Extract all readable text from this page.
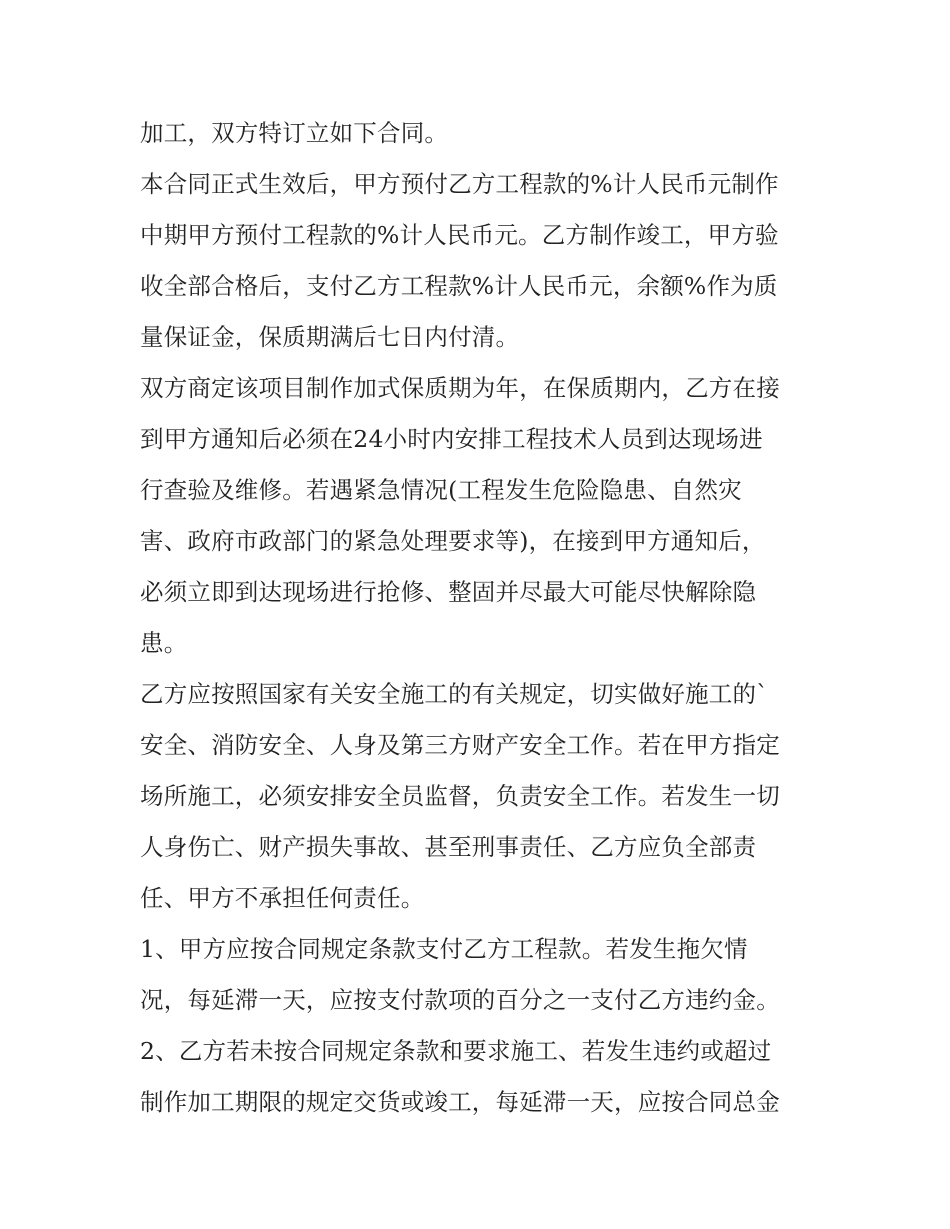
加工，双方特订立如下合同。
本合同正式生效后，甲方预付乙方工程款的%计人民币元制作
中期甲方预付工程款的%计人民币元。乙方制作竣工，甲方验
收全部合格后，支付乙方工程款%计人民币元，余额%作为质
量保证金，保质期满后七日内付清。
双方商定该项目制作加式保质期为年，在保质期内，乙方在接
到甲方通知后必须在24小时内安排工程技术人员到达现场进
行查验及维修。若遇紧急情况(工程发生危险隐患、自然灾
害、政府市政部门的紧急处理要求等)，在接到甲方通知后，
必须立即到达现场进行抢修、整固并尽最大可能尽快解除隐
患。
乙方应按照国家有关安全施工的有关规定，切实做好施工的`
安全、消防安全、人身及第三方财产安全工作。若在甲方指定
场所施工，必须安排安全员监督，负责安全工作。若发生一切
人身伤亡、财产损失事故、甚至刑事责任、乙方应负全部责
任、甲方不承担任何责任。
1、甲方应按合同规定条款支付乙方工程款。若发生拖欠情
况，每延滞一天，应按支付款项的百分之一支付乙方违约金。
2、乙方若未按合同规定条款和要求施工、若发生违约或超过
制作加工期限的规定交货或竣工，每延滞一天，应按合同总金
